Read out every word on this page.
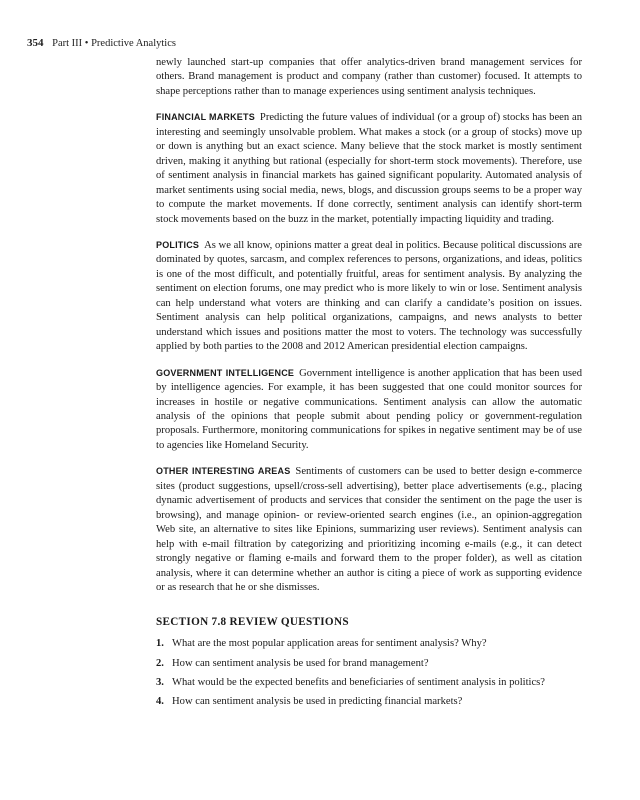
354 Part III • Predictive Analytics

newly launched start-up companies that offer analytics-driven brand management services for others. Brand management is product and company (rather than customer) focused. It attempts to shape perceptions rather than to manage experiences using sentiment analysis techniques.

FINANCIAL MARKETS Predicting the future values of individual (or a group of) stocks has been an interesting and seemingly unsolvable problem. What makes a stock (or a group of stocks) move up or down is anything but an exact science. Many believe that the stock market is mostly sentiment driven, making it anything but rational (especially for short-term stock movements). Therefore, use of sentiment analysis in financial markets has gained significant popularity. Automated analysis of market sentiments using social media, news, blogs, and discussion groups seems to be a proper way to compute the market movements. If done correctly, sentiment analysis can identify short-term stock movements based on the buzz in the market, potentially impacting liquidity and trading.

POLITICS As we all know, opinions matter a great deal in politics. Because political discussions are dominated by quotes, sarcasm, and complex references to persons, organizations, and ideas, politics is one of the most difficult, and potentially fruitful, areas for sentiment analysis. By analyzing the sentiment on election forums, one may predict who is more likely to win or lose. Sentiment analysis can help understand what voters are thinking and can clarify a candidate’s position on issues. Sentiment analysis can help political organizations, campaigns, and news analysts to better understand which issues and positions matter the most to voters. The technology was successfully applied by both parties to the 2008 and 2012 American presidential election campaigns.

GOVERNMENT INTELLIGENCE Government intelligence is another application that has been used by intelligence agencies. For example, it has been suggested that one could monitor sources for increases in hostile or negative communications. Sentiment analysis can allow the automatic analysis of the opinions that people submit about pending policy or government-regulation proposals. Furthermore, monitoring communications for spikes in negative sentiment may be of use to agencies like Homeland Security.

OTHER INTERESTING AREAS Sentiments of customers can be used to better design e-commerce sites (product suggestions, upsell/cross-sell advertising), better place advertisements (e.g., placing dynamic advertisement of products and services that consider the sentiment on the page the user is browsing), and manage opinion- or review-oriented search engines (i.e., an opinion-aggregation Web site, an alternative to sites like Epinions, summarizing user reviews). Sentiment analysis can help with e-mail filtration by categorizing and prioritizing incoming e-mails (e.g., it can detect strongly negative or flaming e-mails and forward them to the proper folder), as well as citation analysis, where it can determine whether an author is citing a piece of work as supporting evidence or as research that he or she dismisses.

SECTION 7.8 REVIEW QUESTIONS
1. What are the most popular application areas for sentiment analysis? Why?
2. How can sentiment analysis be used for brand management?
3. What would be the expected benefits and beneficiaries of sentiment analysis in politics?
4. How can sentiment analysis be used in predicting financial markets?
